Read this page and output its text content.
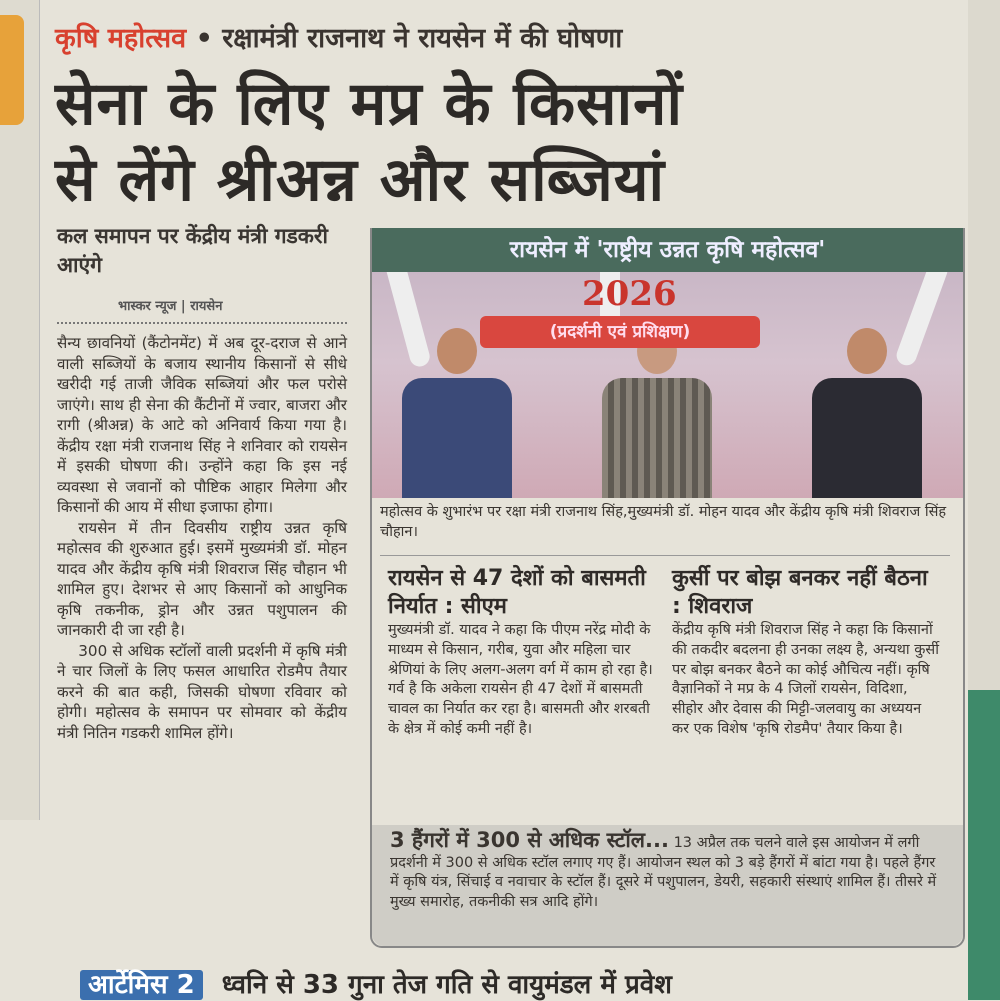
कृषि महोत्सव • रक्षामंत्री राजनाथ ने रायसेन में की घोषणा
सेना के लिए मप्र के किसानों
से लेंगे श्रीअन्न और सब्जियां
कल समापन पर केंद्रीय मंत्री गडकरी आएंगे
भास्कर न्यूज | रायसेन

सैन्य छावनियों (कैंटोनमेंट) में अब दूर-दराज से आने वाली सब्जियों के बजाय स्थानीय किसानों से सीधे खरीदी गई ताजी जैविक सब्जियां और फल परोसे जाएंगे। साथ ही सेना की कैंटीनों में ज्वार, बाजरा और रागी (श्रीअन्न) के आटे को अनिवार्य किया गया है। केंद्रीय रक्षा मंत्री राजनाथ सिंह ने शनिवार को रायसेन में इसकी घोषणा की। उन्होंने कहा कि इस नई व्यवस्था से जवानों को पौष्टिक आहार मिलेगा और किसानों की आय में सीधा इजाफा होगा।

रायसेन में तीन दिवसीय राष्ट्रीय उन्नत कृषि महोत्सव की शुरुआत हुई। इसमें मुख्यमंत्री डॉ. मोहन यादव और केंद्रीय कृषि मंत्री शिवराज सिंह चौहान भी शामिल हुए। देशभर से आए किसानों को आधुनिक कृषि तकनीक, ड्रोन और उन्नत पशुपालन की जानकारी दी जा रही है।

300 से अधिक स्टॉलों वाली प्रदर्शनी में कृषि मंत्री ने चार जिलों के लिए फसल आधारित रोडमैप तैयार करने की बात कही, जिसकी घोषणा रविवार को होगी। महोत्सव के समापन पर सोमवार को केंद्रीय मंत्री नितिन गडकरी शामिल होंगे।

रायसेन में 'राष्ट्रीय उन्नत कृषि महोत्सव'
2026
(प्रदर्शनी एवं प्रशिक्षण)
महोत्सव के शुभारंभ पर रक्षा मंत्री राजनाथ सिंह,मुख्यमंत्री डॉ. मोहन यादव और केंद्रीय कृषि मंत्री शिवराज सिंह चौहान।
रायसेन से 47 देशों को बासमती निर्यात : सीएम

मुख्यमंत्री डॉ. यादव ने कहा कि पीएम नरेंद्र मोदी के माध्यम से किसान, गरीब, युवा और महिला चार श्रेणियां के लिए अलग-अलग वर्ग में काम हो रहा है। गर्व है कि अकेला रायसेन ही 47 देशों में बासमती चावल का निर्यात कर रहा है। बासमती और शरबती के क्षेत्र में कोई कमी नहीं है।

कुर्सी पर बोझ बनकर नहीं बैठना : शिवराज

केंद्रीय कृषि मंत्री शिवराज सिंह ने कहा कि किसानों की तकदीर बदलना ही उनका लक्ष्य है, अन्यथा कुर्सी पर बोझ बनकर बैठने का कोई औचित्य नहीं। कृषि वैज्ञानिकों ने मप्र के 4 जिलों रायसेन, विदिशा, सीहोर और देवास की मिट्टी-जलवायु का अध्ययन कर एक विशेष 'कृषि रोडमैप' तैयार किया है।

3 हैंगरों में 300 से अधिक स्टॉल... 13 अप्रैल तक चलने वाले इस आयोजन में लगी प्रदर्शनी में 300 से अधिक स्टॉल लगाए गए हैं। आयोजन स्थल को 3 बड़े हैंगरों में बांटा गया है। पहले हैंगर में कृषि यंत्र, सिंचाई व नवाचार के स्टॉल हैं। दूसरे में पशुपालन, डेयरी, सहकारी संस्थाएं शामिल हैं। तीसरे में मुख्य समारोह, तकनीकी सत्र आदि होंगे।
आर्टेमिस 2 ध्वनि से 33 गुना तेज गति से वायुमंडल में प्रवेश
